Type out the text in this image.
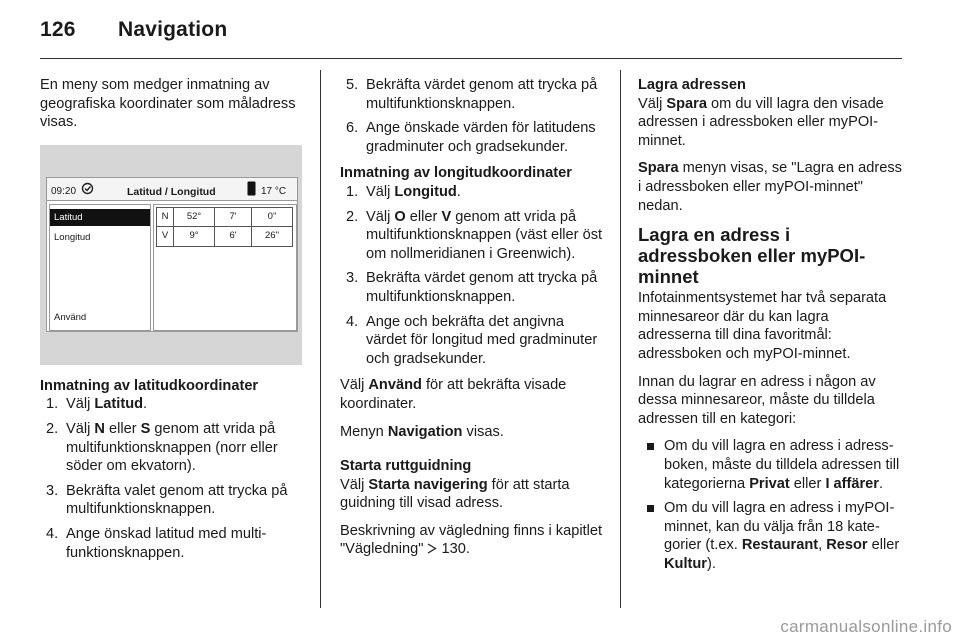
126 Navigation

En meny som medger inmatning av geografiska koordinater som måladress visas.

09:20	Latitud / Longitud	17 °C
Latitud
Longitud
Använd
N	52°	7'	0"
V	9°	6'	26"
Inmatning av latitudkoordinater
1. Välj Latitud.
2. Välj N eller S genom att vrida på multifunktionsknappen (norr eller söder om ekvatorn).
3. Bekräfta valet genom att trycka på multifunktionsknappen.
4. Ange önskad latitud med multifunktionsknappen.
5. Bekräfta värdet genom att trycka på multifunktionsknappen.
6. Ange önskade värden för latitudens gradminuter och gradsekunder.
Inmatning av longitudkoordinater
1. Välj Longitud.
2. Välj O eller V genom att vrida på multifunktionsknappen (väst eller öst om nollmeridianen i Greenwich).
3. Bekräfta värdet genom att trycka på multifunktionsknappen.
4. Ange och bekräfta det angivna värdet för longitud med gradminuter och gradsekunder.

Välj Använd för att bekräfta visade koordinater.

Menyn Navigation visas.

Starta ruttguidning

Välj Starta navigering för att starta guidning till visad adress.

Beskrivning av vägledning finns i kapitlet "Vägledning"  130.

Lagra adressen

Välj Spara om du vill lagra den visade adressen i adressboken eller myPOI-minnet.

Spara menyn visas, se "Lagra en adress i adressboken eller myPOI-minnet" nedan.

Lagra en adress i adressboken eller myPOI-minnet

Infotainmentsystemet har två separata minnesareor där du kan lagra adresserna till dina favoritmål: adressboken och myPOI-minnet.

Innan du lagrar en adress i någon av dessa minnesareor, måste du tilldela adressen till en kategori:

Om du vill lagra en adress i adressboken, måste du tilldela adressen till kategorierna Privat eller I affärer.
Om du vill lagra en adress i myPOI-minnet, kan du välja från 18 kategorier (t.ex. Restaurant, Resor eller Kultur).
carmanualsonline.info
